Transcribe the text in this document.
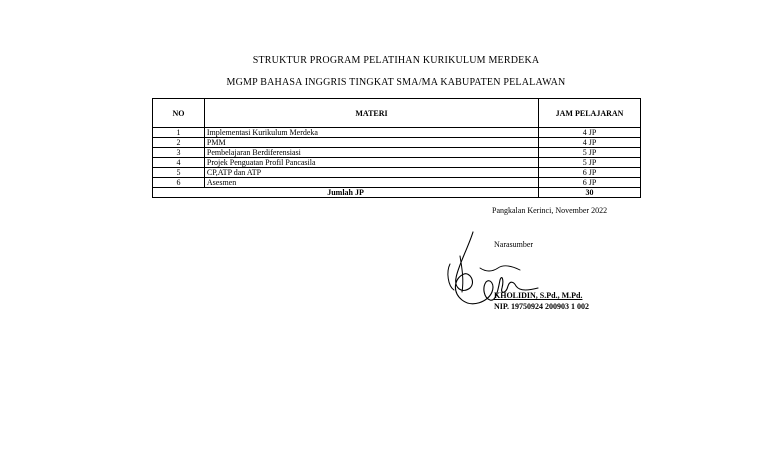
STRUKTUR PROGRAM PELATIHAN KURIKULUM MERDEKA
MGMP BAHASA INGGRIS TINGKAT SMA/MA KABUPATEN PELALAWAN
NO	MATERI	JAM PELAJARAN
1	Implementasi Kurikulum Merdeka	4 JP
2	PMM	4 JP
3	Pembelajaran Berdiferensiasi	5 JP
4	Projek Penguatan Profil Pancasila	5 JP
5	CP,ATP dan ATP	6 JP
6	Asesmen	6 JP
Jumlah JP		30
Pangkalan Kerinci, November 2022
Narasumber
KHOLIDIN, S.Pd., M.Pd.
NIP. 19750924 200903 1 002
